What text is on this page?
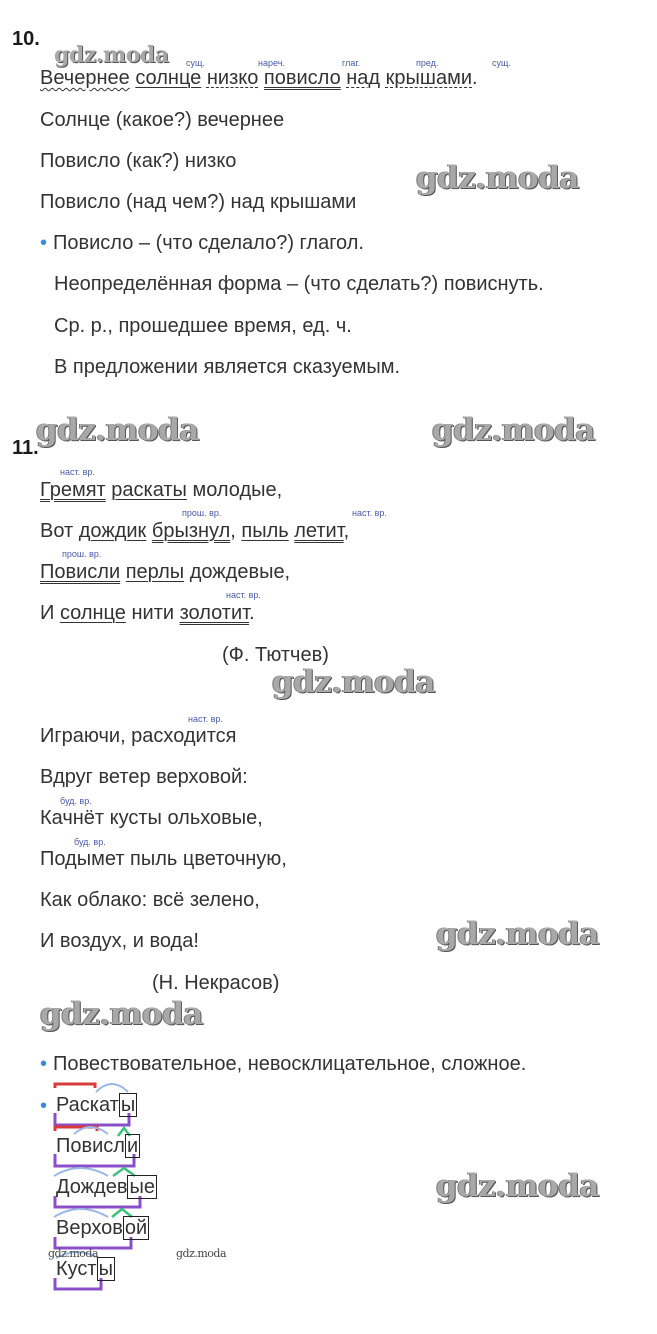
10.
сущ.	нареч.	глаг.	пред.	сущ.
Вечернее солнце низко повисло над крышами.
Солнце (какое?) вечернее
Повисло (как?) низко
Повисло (над чем?) над крышами
• Повисло – (что сделало?) глагол.
Неопределённая форма – (что сделать?) повиснуть.
Ср. р., прошедшее время, ед. ч.
В предложении является сказуемым.
11.
наст. вр.
Гремят раскаты молодые,
прош. вр.	наст. вр.
Вот дождик брызнул, пыль летит,
прош. вр.
Повисли перлы дождевые,
наст. вр.
И солнце нити золотит.
(Ф. Тютчев)
наст. вр.
Играючи, расходится
Вдруг ветер верховой:
буд. вр.
Качнёт кусты ольховые,
буд. вр.
Подымет пыль цветочную,
Как облако: всё зелено,
И воздух, и вода!
(Н. Некрасов)
• Повествовательное, невосклицательное, сложное.
• Раскат ы
Повисл и
Дождев ые
Верхов ой
Куст ы
gdz.moda
gdz.moda
gdz.moda	gdz.moda
gdz.moda
gdz.moda
gdz.moda
gdz.moda
gdz.moda	gdz.moda
